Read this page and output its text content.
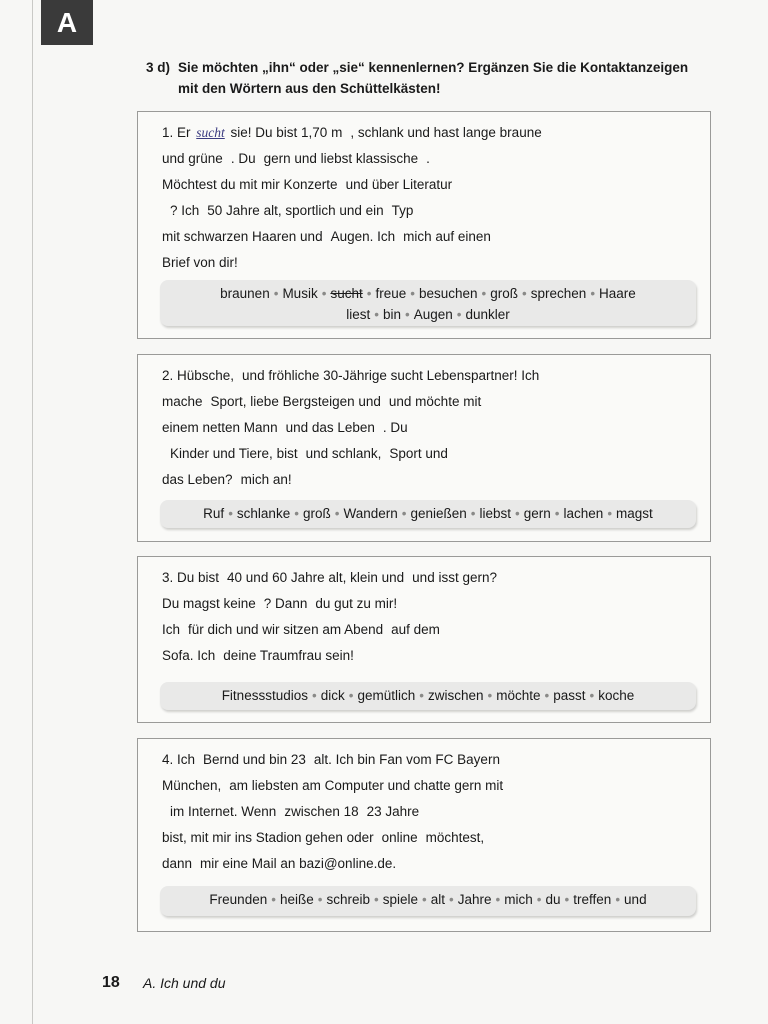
A
3 d) Sie möchten „ihn“ oder „sie“ kennenlernen? Ergänzen Sie die Kontaktanzeigen
mit den Wörtern aus den Schüttelkästen!
1. Er sucht sie! Du bist 1,70 m , schlank und hast lange braune
und grüne . Du gern und liebst klassische .
Möchtest du mit mir Konzerte und über Literatur
? Ich 50 Jahre alt, sportlich und ein Typ
mit schwarzen Haaren und Augen. Ich mich auf einen
Brief von dir!
braunen • Musik • sucht • freue • besuchen • groß • sprechen • Haare
liest • bin • Augen • dunkler
2. Hübsche, und fröhliche 30-Jährige sucht Lebenspartner! Ich
mache Sport, liebe Bergsteigen und und möchte mit
einem netten Mann und das Leben . Du
Kinder und Tiere, bist und schlank, Sport und
das Leben? mich an!
Ruf • schlanke • groß • Wandern • genießen • liebst • gern • lachen • magst
3. Du bist 40 und 60 Jahre alt, klein und und isst gern?
Du magst keine ? Dann du gut zu mir!
Ich für dich und wir sitzen am Abend auf dem
Sofa. Ich deine Traumfrau sein!
Fitnessstudios • dick • gemütlich • zwischen • möchte • passt • koche
4. Ich Bernd und bin 23 alt. Ich bin Fan vom FC Bayern
München, am liebsten am Computer und chatte gern mit
im Internet. Wenn zwischen 18 23 Jahre
bist, mit mir ins Stadion gehen oder online möchtest,
dann mir eine Mail an bazi@online.de.
Freunden • heiße • schreib • spiele • alt • Jahre • mich • du • treffen • und
18 A. Ich und du
